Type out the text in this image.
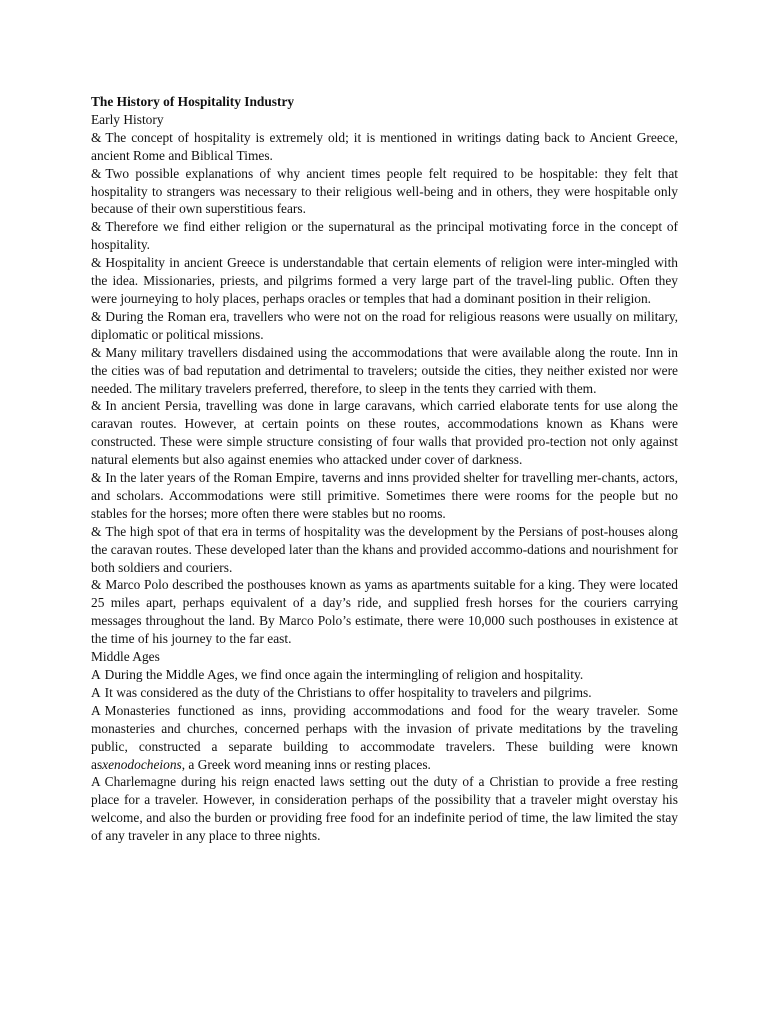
The History of Hospitality Industry

Early History

& The concept of hospitality is extremely old; it is mentioned in writings dating back to Ancient Greece, ancient Rome and Biblical Times.

& Two possible explanations of why ancient times people felt required to be hospitable: they felt that hospitality to strangers was necessary to their religious well-being and in others, they were hospitable only because of their own superstitious fears.

& Therefore we find either religion or the supernatural as the principal motivating force in the concept of hospitality.

& Hospitality in ancient Greece is understandable that certain elements of religion were inter-mingled with the idea. Missionaries, priests, and pilgrims formed a very large part of the travel-ling public. Often they were journeying to holy places, perhaps oracles or temples that had a dominant position in their religion.

& During the Roman era, travellers who were not on the road for religious reasons were usually on military, diplomatic or political missions.

& Many military travellers disdained using the accommodations that were available along the route. Inn in the cities was of bad reputation and detrimental to travelers; outside the cities, they neither existed nor were needed. The military travelers preferred, therefore, to sleep in the tents they carried with them.

& In ancient Persia, travelling was done in large caravans, which carried elaborate tents for use along the caravan routes. However, at certain points on these routes, accommodations known as Khans were constructed. These were simple structure consisting of four walls that provided pro-tection not only against natural elements but also against enemies who attacked under cover of darkness.

& In the later years of the Roman Empire, taverns and inns provided shelter for travelling mer-chants, actors, and scholars. Accommodations were still primitive. Sometimes there were rooms for the people but no stables for the horses; more often there were stables but no rooms.

& The high spot of that era in terms of hospitality was the development by the Persians of post-houses along the caravan routes. These developed later than the khans and provided accommo-dations and nourishment for both soldiers and couriers.

& Marco Polo described the posthouses known as yams as apartments suitable for a king. They were located 25 miles apart, perhaps equivalent of a day’s ride, and supplied fresh horses for the couriers carrying messages throughout the land. By Marco Polo’s estimate, there were 10,000 such posthouses in existence at the time of his journey to the far east.

Middle Ages

A During the Middle Ages, we find once again the intermingling of religion and hospitality.

A It was considered as the duty of the Christians to offer hospitality to travelers and pilgrims.

A Monasteries functioned as inns, providing accommodations and food for the weary traveler. Some monasteries and churches, concerned perhaps with the invasion of private meditations by the traveling public, constructed a separate building to accommodate travelers. These building were known asxenodocheions, a Greek word meaning inns or resting places.

A Charlemagne during his reign enacted laws setting out the duty of a Christian to provide a free resting place for a traveler. However, in consideration perhaps of the possibility that a traveler might overstay his welcome, and also the burden or providing free food for an indefinite period of time, the law limited the stay of any traveler in any place to three nights.
